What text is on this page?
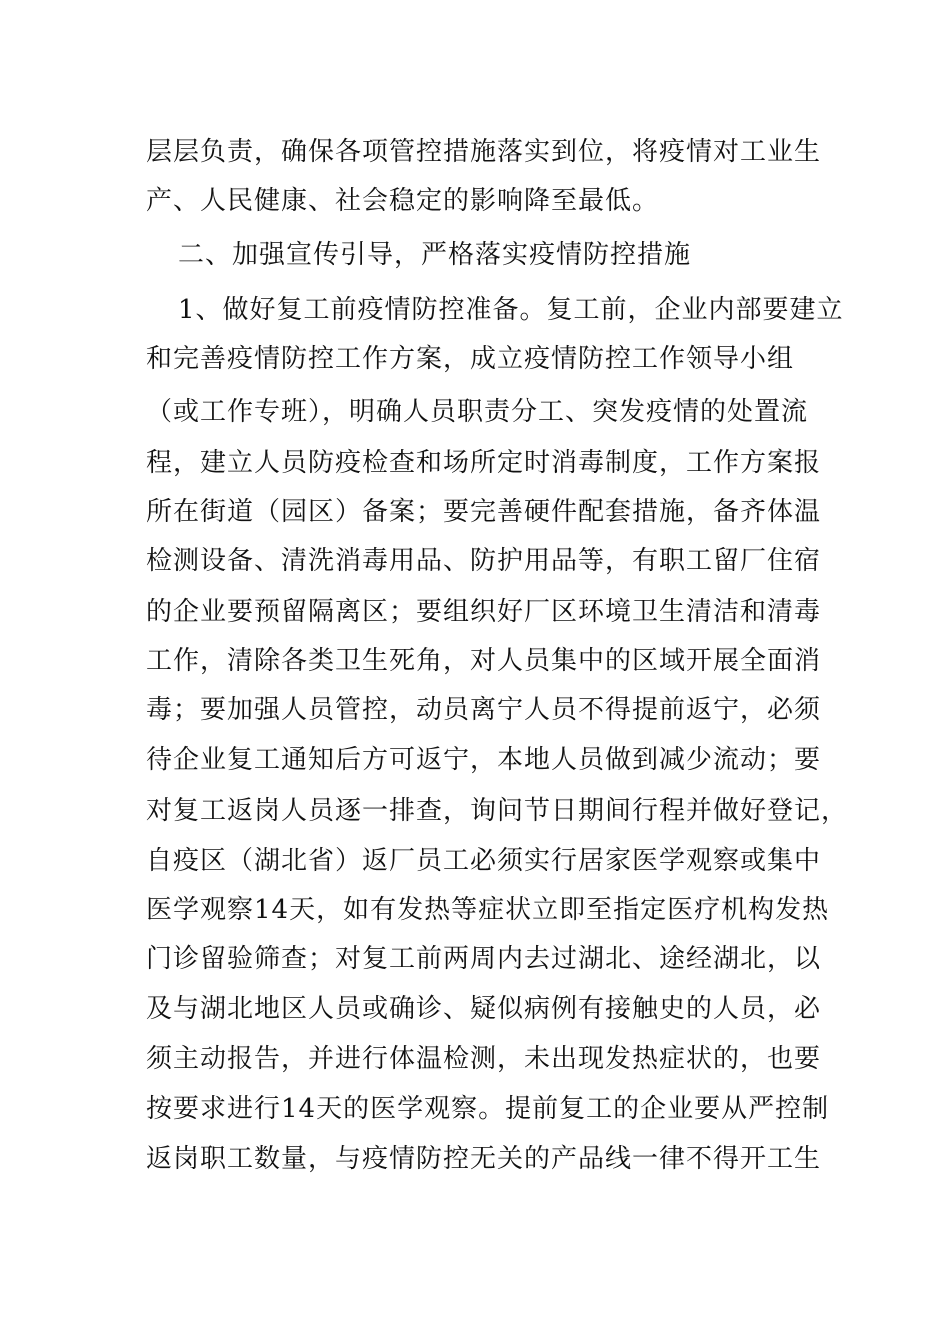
层层负责，确保各项管控措施落实到位，将疫情对工业生
产、人民健康、社会稳定的影响降至最低。
二、加强宣传引导，严格落实疫情防控措施
1、做好复工前疫情防控准备。复工前，企业内部要建立
和完善疫情防控工作方案，成立疫情防控工作领导小组
（或工作专班），明确人员职责分工、突发疫情的处置流
程，建立人员防疫检查和场所定时消毒制度，工作方案报
所在街道（园区）备案；要完善硬件配套措施，备齐体温
检测设备、清洗消毒用品、防护用品等，有职工留厂住宿
的企业要预留隔离区；要组织好厂区环境卫生清洁和清毒
工作，清除各类卫生死角，对人员集中的区域开展全面消
毒；要加强人员管控，动员离宁人员不得提前返宁，必须
待企业复工通知后方可返宁，本地人员做到减少流动；要
对复工返岗人员逐一排查，询问节日期间行程并做好登记，
自疫区（湖北省）返厂员工必须实行居家医学观察或集中
医学观察14天，如有发热等症状立即至指定医疗机构发热
门诊留验筛查；对复工前两周内去过湖北、途经湖北，以
及与湖北地区人员或确诊、疑似病例有接触史的人员，必
须主动报告，并进行体温检测，未出现发热症状的，也要
按要求进行14天的医学观察。提前复工的企业要从严控制
返岗职工数量，与疫情防控无关的产品线一律不得开工生
